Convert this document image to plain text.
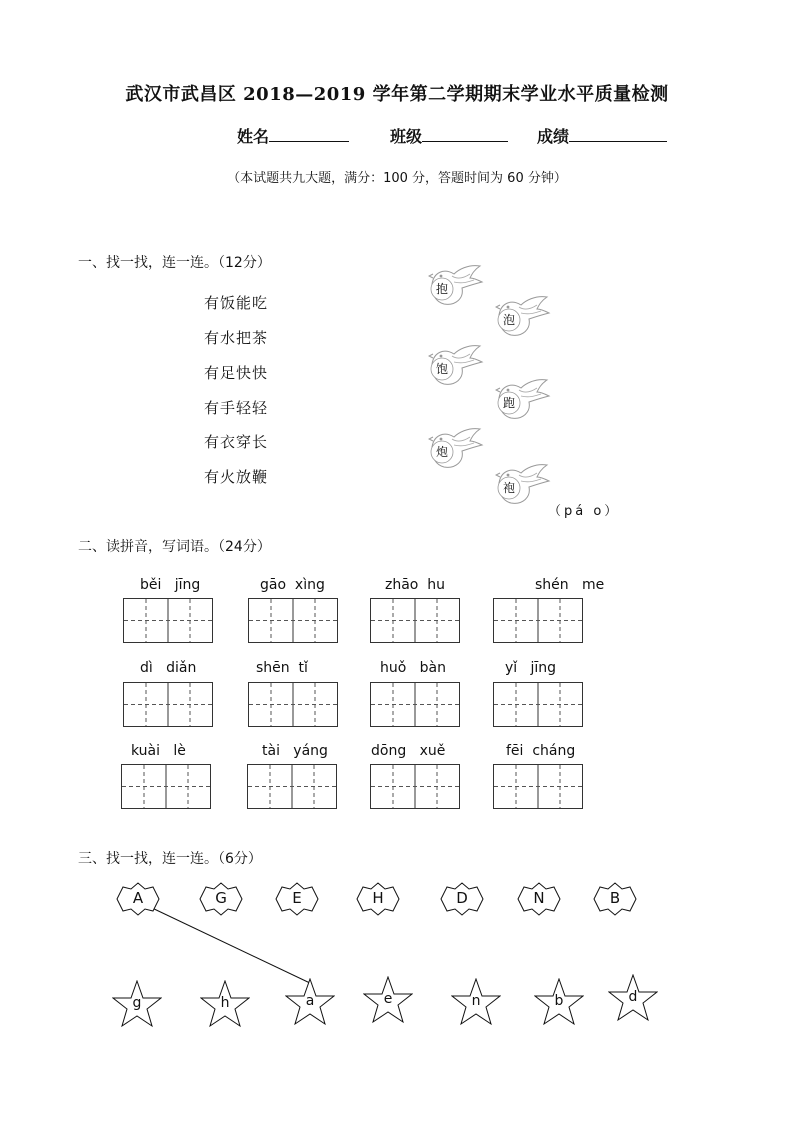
武汉市武昌区 2018—2019 学年第二学期期末学业水平质量检测
姓名	班级	成绩
（本试题共九大题，满分：100 分，答题时间为 60 分钟）
一、找一找，连一连。（12分）
有饭能吃
有水把茶
有足快快
有手轻轻
有衣穿长
有火放鞭
抱
泡
饱
跑
炮
袍
（pá o）
二、读拼音，写词语。（24分）
běi   jīng	gāo  xìng	zhāo  hu	shén   me
dì   diǎn	shēn  tǐ	huǒ   bàn	yǐ   jīng
kuài   lè	tài   yáng	dōng   xuě	fēi  cháng
三、找一找，连一连。（6分）
A	G	E	H	D	N	B
g	h	a	e	n	b	d
